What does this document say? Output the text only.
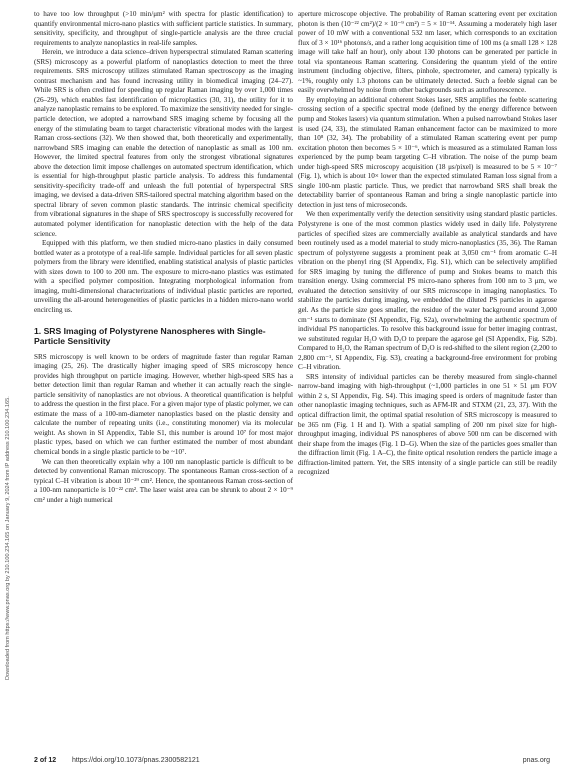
Downloaded from https://www.pnas.org by 210.100.234.165 on January 9, 2024 from IP address 210.100.234.165.

to have too low throughput (>10 min/μm² with spectra for plastic identification) to quantify environmental micro-nano plastics with sufficient particle statistics. In summary, sensitivity, specificity, and throughput of single-particle analysis are the three crucial requirements to analyze nanoplastics in real-life samples.

Herein, we introduce a data science–driven hyperspectral stimulated Raman scattering (SRS) microscopy as a powerful platform of nanoplastics detection to meet the three requirements. SRS microscopy utilizes stimulated Raman spectroscopy as the imaging contrast mechanism and has found increasing utility in biomedical imaging (24–27). While SRS is often credited for speeding up regular Raman imaging by over 1,000 times (26–29), which enables fast identification of microplastics (30, 31), the utility for it to analyze nanoplastic remains to be explored. To maximize the sensitivity needed for single-particle detection, we adopted a narrowband SRS imaging scheme by focusing all the energy of the stimulating beam to target characteristic vibrational modes with the largest Raman cross-sections (32). We then showed that, both theoretically and experimentally, narrowband SRS imaging can enable the detection of nanoplastic as small as 100 nm. However, the limited spectral features from only the strongest vibrational signatures above the detection limit impose challenges on automated spectrum identification, which is essential for high-throughput plastic particle analysis. To address this fundamental sensitivity-specificity trade-off and unleash the full potential of hyperspectral SRS imaging, we devised a data-driven SRS-tailored spectral matching algorithm based on the spectral library of seven common plastic standards. The intrinsic chemical specificity from vibrational signatures in the shape of SRS spectroscopy is successfully recovered for automated polymer identification for nanoplastic detection with the help of the data science.

Equipped with this platform, we then studied micro-nano plastics in daily consumed bottled water as a prototype of a real-life sample. Individual particles for all seven plastic polymers from the library were identified, enabling statistical analysis of plastic particles with sizes down to 100 to 200 nm. The exposure to micro-nano plastics was estimated with a specified polymer composition. Integrating morphological information from imaging, multi-dimensional characterizations of individual plastic particles are reported, unveiling the all-around heterogeneities of plastic particles in a hidden micro-nano world encircling us.

1. SRS Imaging of Polystyrene Nanospheres with Single-Particle Sensitivity

SRS microscopy is well known to be orders of magnitude faster than regular Raman imaging (25, 26). The drastically higher imaging speed of SRS microscopy hence provides high throughput on particle imaging. However, whether high-speed SRS has a better detection limit than regular Raman and whether it can actually reach the single-particle sensitivity of nanoplastics are not obvious. A theoretical quantification is helpful to address the question in the first place. For a given major type of plastic polymer, we can estimate the mass of a 100-nm-diameter nanoplastics based on the plastic density and calculate the number of repeating units (i.e., constituting monomer) via its molecular weight. As shown in SI Appendix, Table S1, this number is around 10⁷ for most major plastic types, based on which we can further estimated the number of most abundant chemical bonds in a single plastic particle to be ~10⁷.

We can then theoretically explain why a 100 nm nanoplastic particle is difficult to be detected by conventional Raman microscopy. The spontaneous Raman cross-section of a typical C–H vibration is about 10⁻²⁹ cm². Hence, the spontaneous Raman cross-section of a 100-nm nanoparticle is 10⁻²² cm². The laser waist area can be shrunk to about 2 × 10⁻⁹ cm² under a high numerical

aperture microscope objective. The probability of Raman scattering event per excitation photon is then (10⁻²² cm²)/(2 × 10⁻⁹ cm²) = 5 × 10⁻¹⁴. Assuming a moderately high laser power of 10 mW with a conventional 532 nm laser, which corresponds to an excitation flux of 3 × 10¹⁶ photons/s, and a rather long acquisition time of 100 ms (a small 128 × 128 image will take half an hour), only about 130 photons can be generated per particle in total via spontaneous Raman scattering. Considering the quantum yield of the entire instrument (including objective, filters, pinhole, spectrometer, and camera) typically is ~1%, roughly only 1.3 photons can be ultimately detected. Such a feeble signal can be easily overwhelmed by noise from other backgrounds such as autofluorescence.

By employing an additional coherent Stokes laser, SRS amplifies the feeble scattering crossing section of a specific spectral mode (defined by the energy difference between pump and Stokes lasers) via quantum stimulation. When a pulsed narrowband Stokes laser is used (24, 33), the stimulated Raman enhancement factor can be maximized to more than 10⁸ (32, 34). The probability of a stimulated Raman scattering event per pump excitation photon then becomes 5 × 10⁻⁶, which is measured as a stimulated Raman loss experienced by the pump beam targeting C–H vibration. The noise of the pump beam under high-speed SRS microscopy acquisition (18 μs/pixel) is measured to be 5 × 10⁻⁷ (Fig. 1), which is about 10× lower than the expected stimulated Raman loss signal from a single 100-nm plastic particle. Thus, we predict that narrowband SRS shall break the detectability barrier of spontaneous Raman and bring a single nanoplastic particle into detection in just tens of microseconds.

We then experimentally verify the detection sensitivity using standard plastic particles. Polystyrene is one of the most common plastics widely used in daily life. Polystyrene particles of specified sizes are commercially available as analytical standards and have been routinely used as a model material to study micro-nanoplastics (35, 36). The Raman spectrum of polystyrene suggests a prominent peak at 3,050 cm⁻¹ from aromatic C–H vibration on the phenyl ring (SI Appendix, Fig. S1), which can be selectively amplified for SRS imaging by tuning the difference of pump and Stokes beams to match this transition energy. Using commercial PS micro-nano spheres from 100 nm to 3 μm, we evaluated the detection sensitivity of our SRS microscope in imaging nanoplastics. To stabilize the particles during imaging, we embedded the diluted PS particles in agarose gel. As the particle size goes smaller, the residue of the water background around 3,000 cm⁻¹ starts to dominate (SI Appendix, Fig. S2a), overwhelming the authentic spectrum of individual PS nanoparticles. To resolve this background issue for better imaging contrast, we substituted regular H₂O with D₂O to prepare the agarose gel (SI Appendix, Fig. S2b). Compared to H₂O, the Raman spectrum of D₂O is red-shifted to the silent region (2,200 to 2,800 cm⁻¹, SI Appendix, Fig. S3), creating a background-free environment for probing C–H vibration.

SRS intensity of individual particles can be thereby measured from single-channel narrow-band imaging with high-throughput (~1,000 particles in one 51 × 51 μm FOV within 2 s, SI Appendix, Fig. S4). This imaging speed is orders of magnitude faster than other nanoplastic imaging techniques, such as AFM-IR and STXM (21, 23, 37). With the optical diffraction limit, the optimal spatial resolution of SRS microscopy is measured to be 365 nm (Fig. 1 H and I). With a spatial sampling of 200 nm pixel size for high-throughput imaging, individual PS nanospheres of above 500 nm can be discerned with their shape from the images (Fig. 1 D–G). When the size of the particles goes smaller than the diffraction limit (Fig. 1 A–C), the finite optical resolution renders the particle image a diffraction-limited pattern. Yet, the SRS intensity of a single particle can still be readily recognized

2 of 12 https://doi.org/10.1073/pnas.2300582121	pnas.org
